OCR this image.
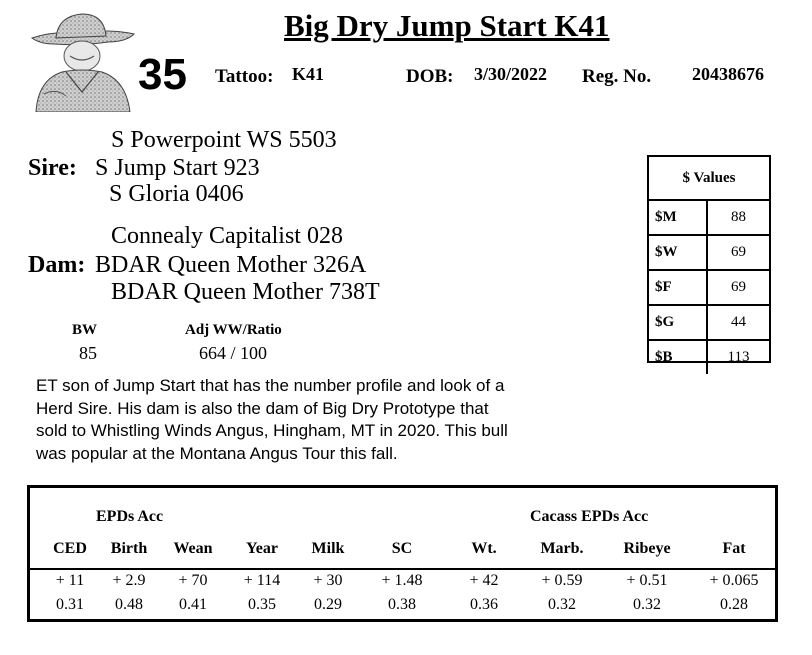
Big Dry Jump Start K41
35 Tattoo: K41	DOB: 3/30/2022 Reg. No. 20438676
S Powerpoint WS 5503
Sire: S Jump Start 923
S Gloria 0406
Connealy Capitalist 028
Dam: BDAR Queen Mother 326A
BDAR Queen Mother 738T
BW
85
Adj WW/Ratio
664 / 100
ET son of Jump Start that has the number profile and look of a Herd Sire. His dam is also the dam of Big Dry Prototype that sold to Whistling Winds Angus, Hingham, MT in 2020. This bull was popular at the Montana Angus Tour this fall.
$ Values	
$M	88
$W	69
$F	69
$G	44
$B	113
EPDs Acc	Cacass EPDs Acc
CED	Birth	Wean	Year	Milk	SC	Wt.	Marb.	Ribeye	Fat
+ 11	+ 2.9	+ 70	+ 114	+ 30	+ 1.48	+ 42	+ 0.59	+ 0.51	+ 0.065
0.31	0.48	0.41	0.35	0.29	0.38	0.36	0.32	0.32	0.28
